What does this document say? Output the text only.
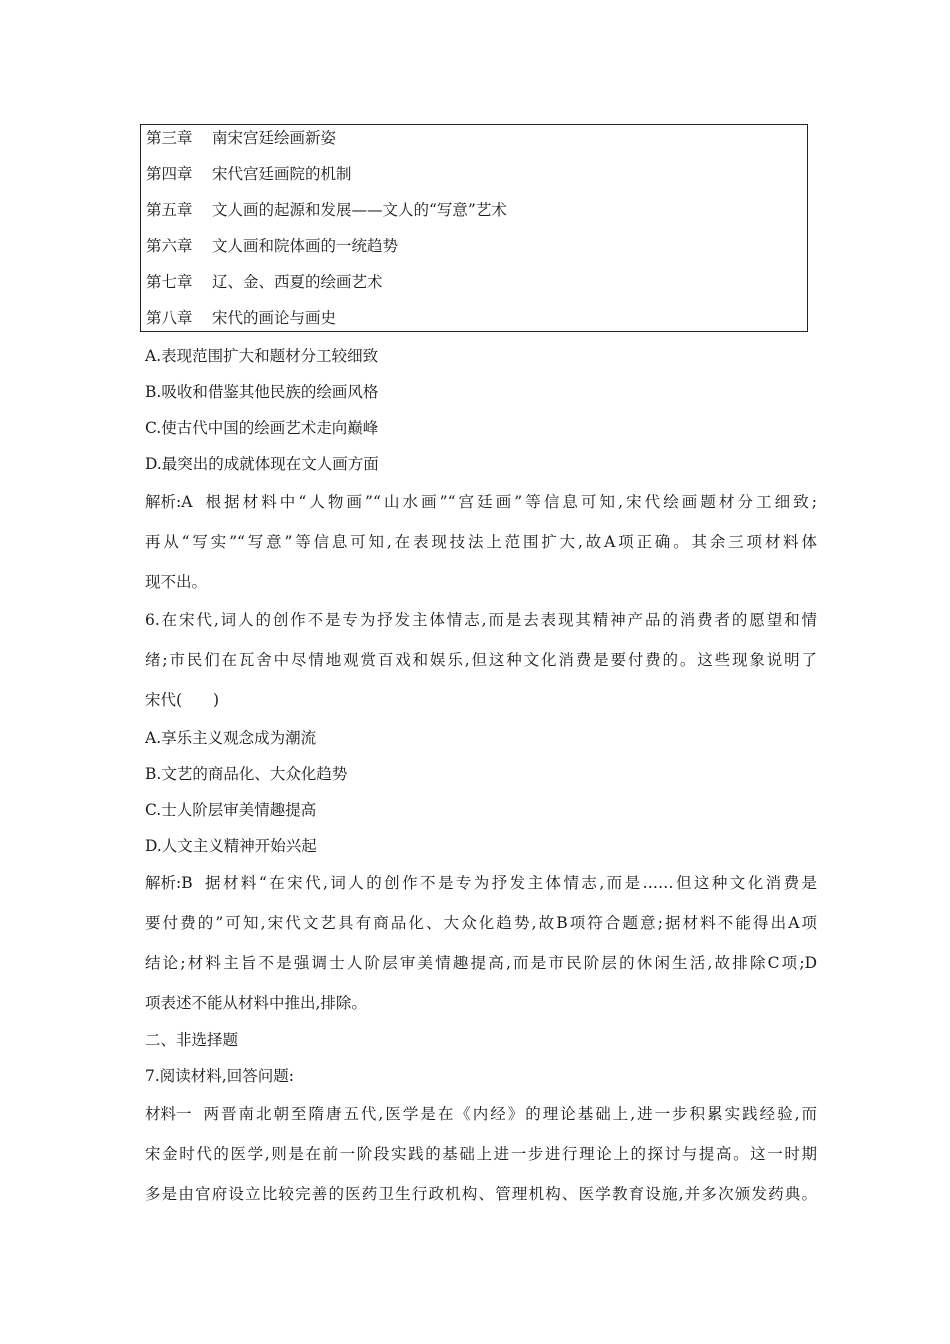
第三章 南宋宫廷绘画新姿
第四章 宋代宫廷画院的机制
第五章 文人画的起源和发展——文人的“写意”艺术
第六章 文人画和院体画的一统趋势
第七章 辽、金、西夏的绘画艺术
第八章 宋代的画论与画史
A.表现范围扩大和题材分工较细致
B.吸收和借鉴其他民族的绘画风格
C.使古代中国的绘画艺术走向巅峰
D.最突出的成就体现在文人画方面
解析:A 根据材料中“人物画”“山水画”“宫廷画”等信息可知,宋代绘画题材分工细致;
再从“写实”“写意”等信息可知,在表现技法上范围扩大,故A项正确。其余三项材料体
现不出。
6.在宋代,词人的创作不是专为抒发主体情志,而是去表现其精神产品的消费者的愿望和情
绪;市民们在瓦舍中尽情地观赏百戏和娱乐,但这种文化消费是要付费的。这些现象说明了
宋代(　　)
A.享乐主义观念成为潮流
B.文艺的商品化、大众化趋势
C.士人阶层审美情趣提高
D.人文主义精神开始兴起
解析:B 据材料“在宋代,词人的创作不是专为抒发主体情志,而是……但这种文化消费是
要付费的”可知,宋代文艺具有商品化、大众化趋势,故B项符合题意;据材料不能得出A项
结论;材料主旨不是强调士人阶层审美情趣提高,而是市民阶层的休闲生活,故排除C项;D
项表述不能从材料中推出,排除。
二、非选择题
7.阅读材料,回答问题:
材料一 两晋南北朝至隋唐五代,医学是在《内经》的理论基础上,进一步积累实践经验,而
宋金时代的医学,则是在前一阶段实践的基础上进一步进行理论上的探讨与提高。这一时期
多是由官府设立比较完善的医药卫生行政机构、管理机构、医学教育设施,并多次颁发药典。
